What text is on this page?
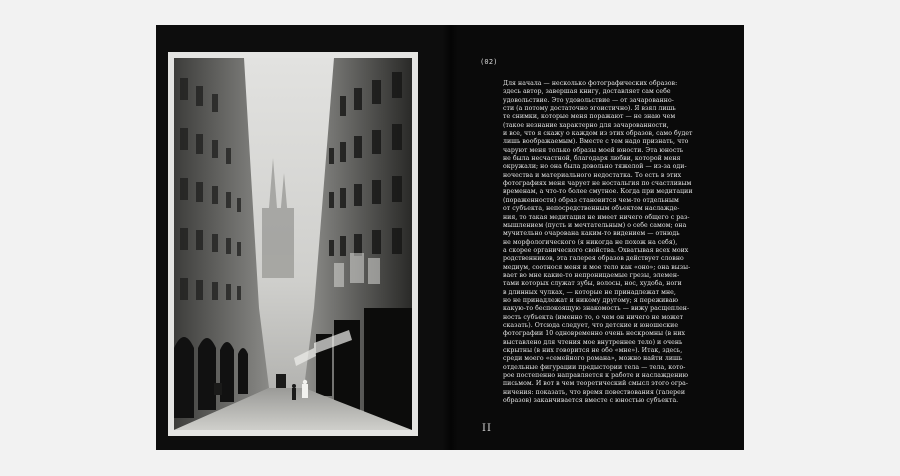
(02)
Для начала — несколько фотографических образов:
здесь автор, завершая книгу, доставляет сам себе
удовольствие. Это удовольствие — от зачарованно-
сти (а потому достаточно эгоистично). Я взял лишь
те снимки, которые меня поражают — не знаю чем
(такое незнание характерно для зачарованности,
и все, что я скажу о каждом из этих образов, само будет
лишь воображаемым). Вместе с тем надо признать, что
чаруют меня только образы моей юности. Эта юность
не была несчастной, благодаря любви, которой меня
окружали; но она была довольно тяжелой — из-за оди-
ночества и материального недостатка. То есть в этих
фотографиях меня чарует не ностальгия по счастливым
временам, а что-то более смутное. Когда при медитации
(пораженности) образ становится чем-то отдельным
от субъекта, непосредственным объектом наслажде-
ния, то такая медитация не имеет ничего общего с раз-
мышлением (пусть и мечтательным) о себе самом; она
мучительно очарована каким-то видением — отнюдь
не морфологического (я никогда не похож на себя),
а скорее органического свойства. Охватывая всех моих
родственников, эта галерея образов действует словно
медиум, соотнося меня и мое тело как «оно»; она вызы-
вает во мне какие-то непроницаемые грезы, элемен-
тами которых служат зубы, волосы, нос, худоба, ноги
в длинных чулках, — которые не принадлежат мне,
но не принадлежат и никому другому; я переживаю
какую-то беспокоящую знакомость — вижу расщеплен-
ность субъекта (именно то, о чем он ничего не может
сказать). Отсюда следует, что детские и юношеские
фотографии 10 одновременно очень нескромны (в них
выставлено для чтения мое внутреннее тело) и очень
скрытны (в них говорится не обо «мне»). Итак, здесь,
среди моего «семейного романа», можно найти лишь
отдельные фигурации предыстории тела — тела, кото-
рое постепенно направляется к работе и наслаждению
письмом. И вот в чем теоретический смысл этого огра-
ничения: показать, что время повествования (галереи
образов) заканчивается вместе с юностью субъекта.
II
